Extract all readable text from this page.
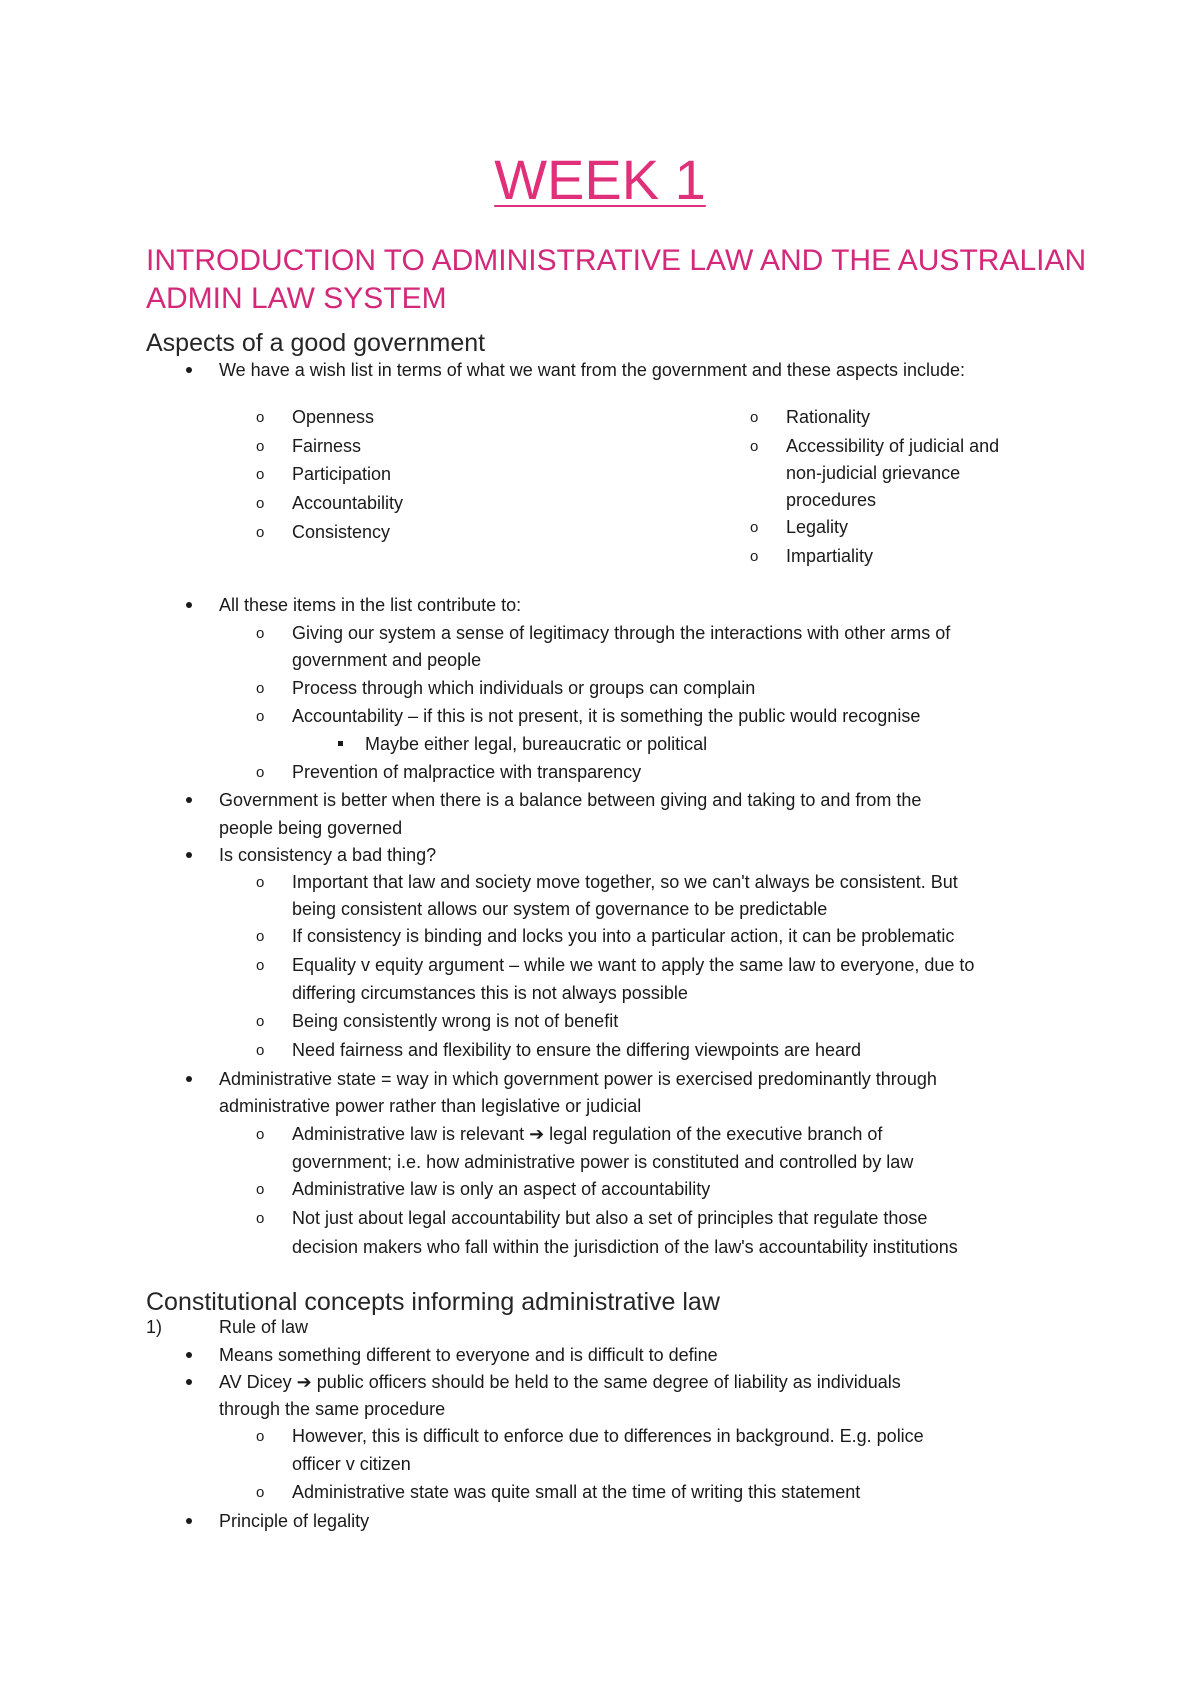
WEEK 1
INTRODUCTION TO ADMINISTRATIVE LAW AND THE AUSTRALIAN ADMIN LAW SYSTEM
Aspects of a good government
Constitutional concepts informing administrative law
We have a wish list in terms of what we want from the government and these aspects include:
Openness
o
Fairness
o
Participation
o
Accountability
o
Consistency
o
Rationality
o
Accessibility of judicial and
o
non-judicial grievance
procedures
Legality
o
Impartiality
o
All these items in the list contribute to:
Giving our system a sense of legitimacy through the interactions with other arms of
o
government and people
Process through which individuals or groups can complain
o
Accountability – if this is not present, it is something the public would recognise
o
Maybe either legal, bureaucratic or political
Prevention of malpractice with transparency
o
Government is better when there is a balance between giving and taking to and from the
people being governed
Is consistency a bad thing?
Important that law and society move together, so we can't always be consistent. But
o
being consistent allows our system of governance to be predictable
If consistency is binding and locks you into a particular action, it can be problematic
o
Equality v equity argument – while we want to apply the same law to everyone, due to
o
differing circumstances this is not always possible
Being consistently wrong is not of benefit
o
Need fairness and flexibility to ensure the differing viewpoints are heard
o
Administrative state = way in which government power is exercised predominantly through
administrative power rather than legislative or judicial
Administrative law is relevant ➔ legal regulation of the executive branch of
o
government; i.e. how administrative power is constituted and controlled by law
Administrative law is only an aspect of accountability
o
Not just about legal accountability but also a set of principles that regulate those
o
decision makers who fall within the jurisdiction of the law's accountability institutions
Rule of law
1)
Means something different to everyone and is difficult to define
AV Dicey ➔ public officers should be held to the same degree of liability as individuals
through the same procedure
However, this is difficult to enforce due to differences in background. E.g. police
o
officer v citizen
Administrative state was quite small at the time of writing this statement
o
Principle of legality
